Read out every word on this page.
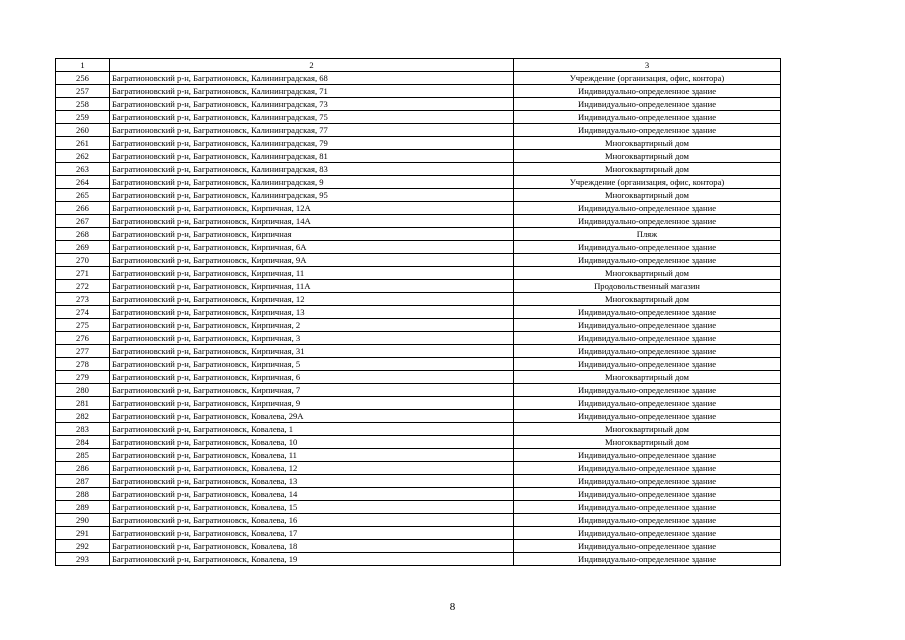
1	2	3
256	Багратионовский р-н, Багратионовск, Калининградская, 68	Учреждение (организация, офис, контора)
257	Багратионовский р-н, Багратионовск, Калининградская, 71	Индивидуально-определенное здание
258	Багратионовский р-н, Багратионовск, Калининградская, 73	Индивидуально-определенное здание
259	Багратионовский р-н, Багратионовск, Калининградская, 75	Индивидуально-определенное здание
260	Багратионовский р-н, Багратионовск, Калининградская, 77	Индивидуально-определенное здание
261	Багратионовский р-н, Багратионовск, Калининградская, 79	Многоквартирный дом
262	Багратионовский р-н, Багратионовск, Калининградская, 81	Многоквартирный дом
263	Багратионовский р-н, Багратионовск, Калининградская, 83	Многоквартирный дом
264	Багратионовский р-н, Багратионовск, Калининградская, 9	Учреждение (организация, офис, контора)
265	Багратионовский р-н, Багратионовск, Калининградская, 95	Многоквартирный дом
266	Багратионовский р-н, Багратионовск, Кирпичная, 12А	Индивидуально-определенное здание
267	Багратионовский р-н, Багратионовск, Кирпичная, 14А	Индивидуально-определенное здание
268	Багратионовский р-н, Багратионовск, Кирпичная	Пляж
269	Багратионовский р-н, Багратионовск, Кирпичная, 6А	Индивидуально-определенное здание
270	Багратионовский р-н, Багратионовск, Кирпичная, 9А	Индивидуально-определенное здание
271	Багратионовский р-н, Багратионовск, Кирпичная, 11	Многоквартирный дом
272	Багратионовский р-н, Багратионовск, Кирпичная, 11А	Продовольственный магазин
273	Багратионовский р-н, Багратионовск, Кирпичная, 12	Многоквартирный дом
274	Багратионовский р-н, Багратионовск, Кирпичная, 13	Индивидуально-определенное здание
275	Багратионовский р-н, Багратионовск, Кирпичная, 2	Индивидуально-определенное здание
276	Багратионовский р-н, Багратионовск, Кирпичная, 3	Индивидуально-определенное здание
277	Багратионовский р-н, Багратионовск, Кирпичная, 31	Индивидуально-определенное здание
278	Багратионовский р-н, Багратионовск, Кирпичная, 5	Индивидуально-определенное здание
279	Багратионовский р-н, Багратионовск, Кирпичная, 6	Многоквартирный дом
280	Багратионовский р-н, Багратионовск, Кирпичная, 7	Индивидуально-определенное здание
281	Багратионовский р-н, Багратионовск, Кирпичная, 9	Индивидуально-определенное здание
282	Багратионовский р-н, Багратионовск, Ковалева, 29А	Индивидуально-определенное здание
283	Багратионовский р-н, Багратионовск, Ковалева, 1	Многоквартирный дом
284	Багратионовский р-н, Багратионовск, Ковалева, 10	Многоквартирный дом
285	Багратионовский р-н, Багратионовск, Ковалева, 11	Индивидуально-определенное здание
286	Багратионовский р-н, Багратионовск, Ковалева, 12	Индивидуально-определенное здание
287	Багратионовский р-н, Багратионовск, Ковалева, 13	Индивидуально-определенное здание
288	Багратионовский р-н, Багратионовск, Ковалева, 14	Индивидуально-определенное здание
289	Багратионовский р-н, Багратионовск, Ковалева, 15	Индивидуально-определенное здание
290	Багратионовский р-н, Багратионовск, Ковалева, 16	Индивидуально-определенное здание
291	Багратионовский р-н, Багратионовск, Ковалева, 17	Индивидуально-определенное здание
292	Багратионовский р-н, Багратионовск, Ковалева, 18	Индивидуально-определенное здание
293	Багратионовский р-н, Багратионовск, Ковалева, 19	Индивидуально-определенное здание
8
